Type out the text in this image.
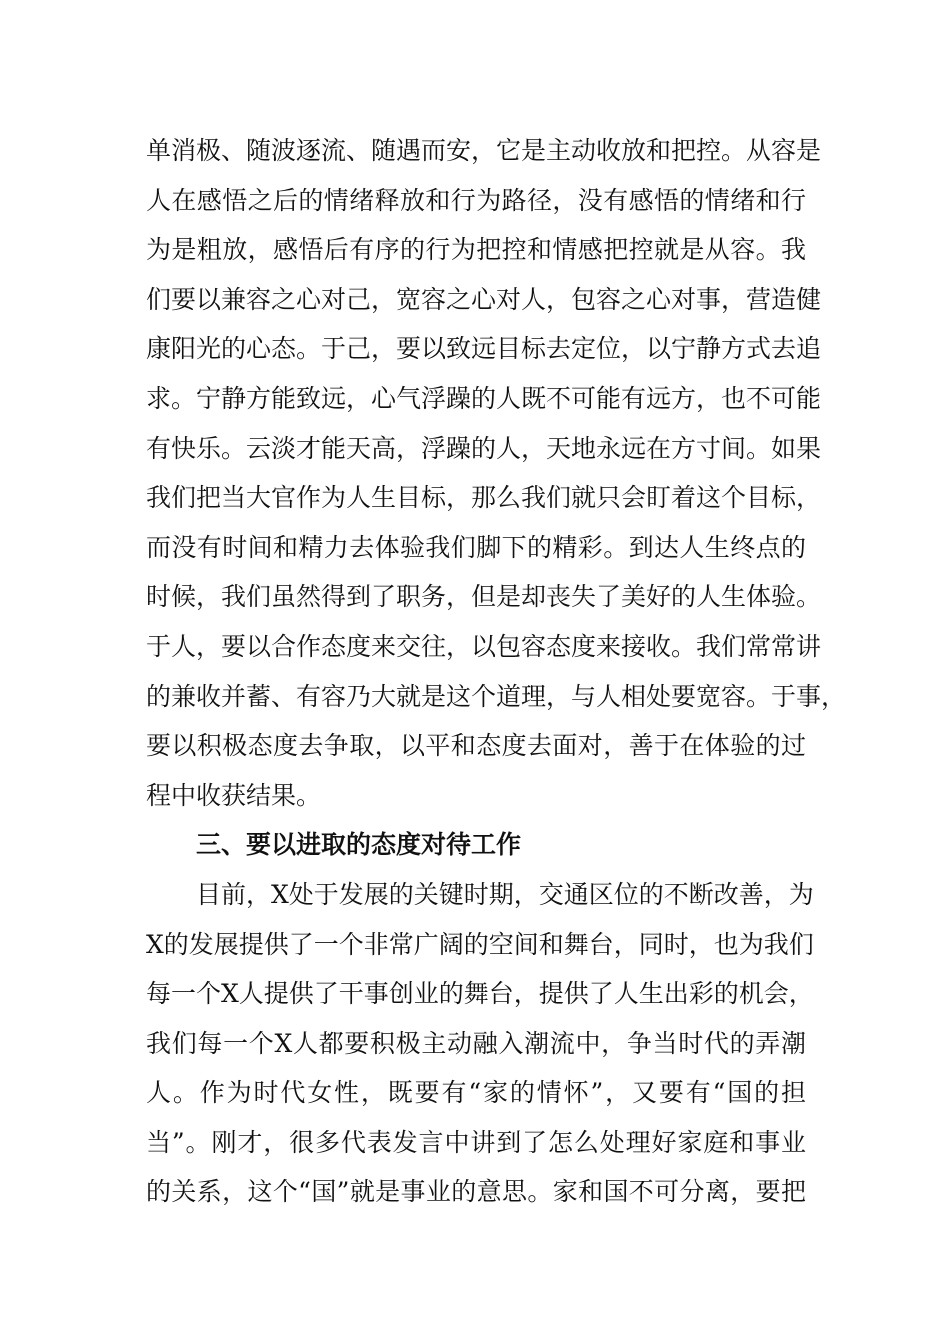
单消极、随波逐流、随遇而安，它是主动收放和把控。从容是
人在感悟之后的情绪释放和行为路径，没有感悟的情绪和行
为是粗放，感悟后有序的行为把控和情感把控就是从容。我
们要以兼容之心对己，宽容之心对人，包容之心对事，营造健
康阳光的心态。于己，要以致远目标去定位，以宁静方式去追
求。宁静方能致远，心气浮躁的人既不可能有远方，也不可能
有快乐。云淡才能天高，浮躁的人，天地永远在方寸间。如果
我们把当大官作为人生目标，那么我们就只会盯着这个目标，
而没有时间和精力去体验我们脚下的精彩。到达人生终点的
时候，我们虽然得到了职务，但是却丧失了美好的人生体验。
于人，要以合作态度来交往，以包容态度来接收。我们常常讲
的兼收并蓄、有容乃大就是这个道理，与人相处要宽容。于事，
要以积极态度去争取，以平和态度去面对，善于在体验的过
程中收获结果。
三、要以进取的态度对待工作
目前，X处于发展的关键时期，交通区位的不断改善，为
X的发展提供了一个非常广阔的空间和舞台，同时，也为我们
每一个X人提供了干事创业的舞台，提供了人生出彩的机会，
我们每一个X人都要积极主动融入潮流中，争当时代的弄潮
人。作为时代女性，既要有“家的情怀”，又要有“国的担
当”。刚才，很多代表发言中讲到了怎么处理好家庭和事业
的关系，这个“国”就是事业的意思。家和国不可分离，要把
